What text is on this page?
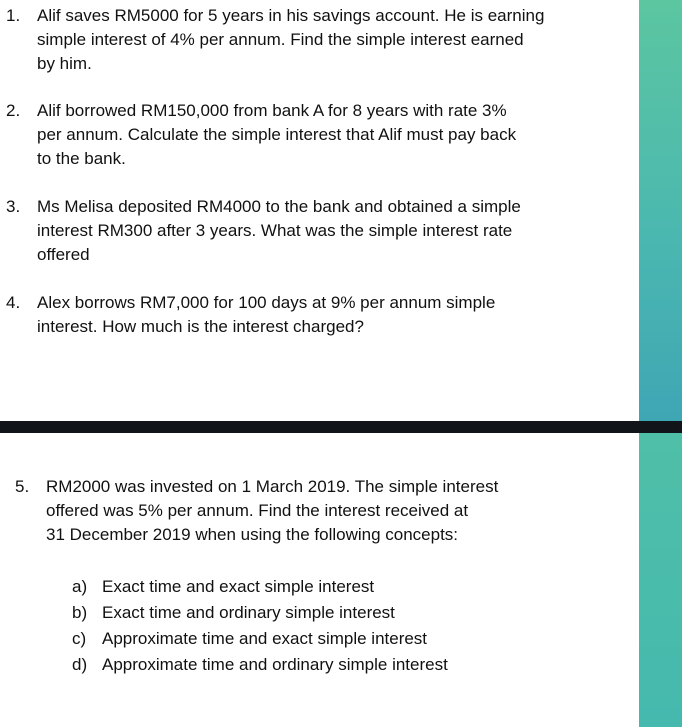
1. Alif saves RM5000 for 5 years in his savings account. He is earning
simple interest of 4% per annum. Find the simple interest earned
by him.
2. Alif borrowed RM150,000 from bank A for 8 years with rate 3%
per annum. Calculate the simple interest that Alif must pay back
to the bank.
3. Ms Melisa deposited RM4000 to the bank and obtained a simple
interest RM300 after 3 years. What was the simple interest rate
offered
4. Alex borrows RM7,000 for 100 days at 9% per annum simple
interest. How much is the interest charged?
5. RM2000 was invested on 1 March 2019. The simple interest
offered was 5% per annum. Find the interest received at
31 December 2019 when using the following concepts:
a) Exact time and exact simple interest
b) Exact time and ordinary simple interest
c) Approximate time and exact simple interest
d) Approximate time and ordinary simple interest
